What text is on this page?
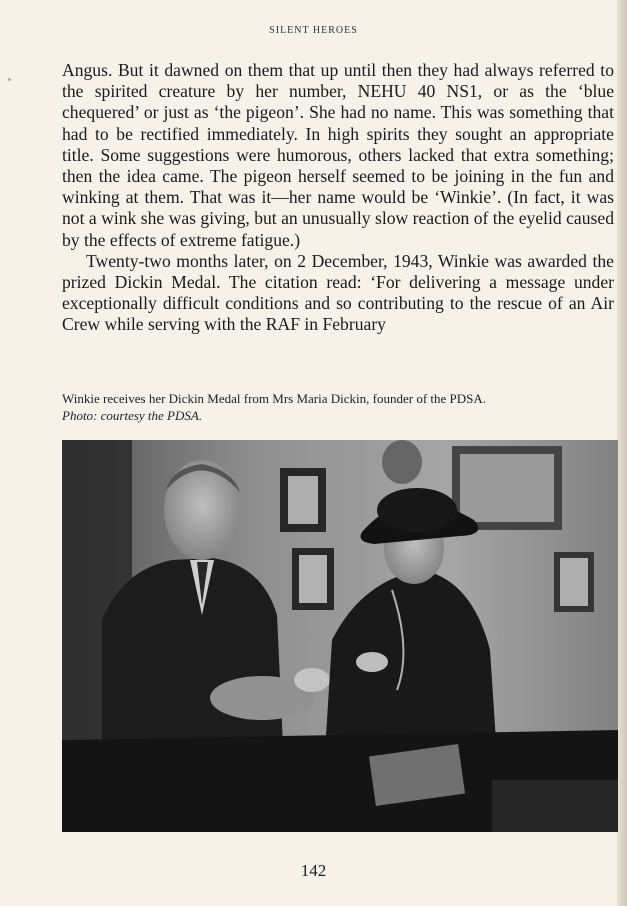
SILENT HEROES

Angus. But it dawned on them that up until then they had always referred to the spirited creature by her number, NEHU 40 NS1, or as the ‘blue chequered’ or just as ‘the pigeon’. She had no name. This was something that had to be rectified immediately. In high spirits they sought an appropriate title. Some suggestions were humorous, others lacked that extra something; then the idea came. The pigeon herself seemed to be joining in the fun and winking at them. That was it—her name would be ‘Winkie’. (In fact, it was not a wink she was giving, but an unusually slow reaction of the eyelid caused by the effects of extreme fatigue.)

Twenty-two months later, on 2 December, 1943, Winkie was awarded the prized Dickin Medal. The citation read: ‘For delivering a message under exceptionally difficult conditions and so contributing to the rescue of an Air Crew while serving with the RAF in February

Winkie receives her Dickin Medal from Mrs Maria Dickin, founder of the PDSA.
Photo: courtesy the PDSA.
142
